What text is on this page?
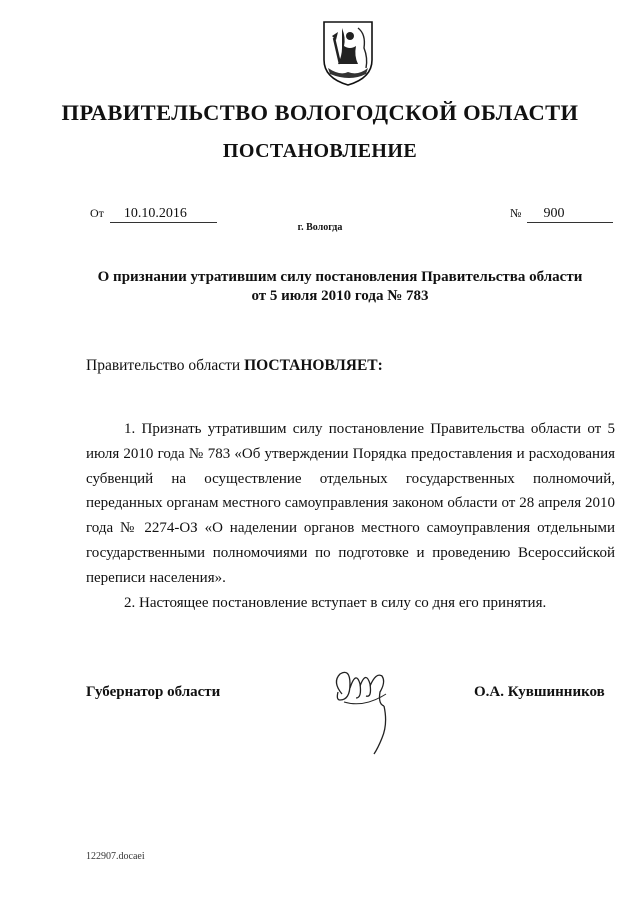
ПРАВИТЕЛЬСТВО ВОЛОГОДСКОЙ ОБЛАСТИ
ПОСТАНОВЛЕНИЕ
От 10.10.2016	№ 900
г. Вологда
О признании утратившим силу постановления Правительства области
от 5 июля 2010 года № 783
Правительство области ПОСТАНОВЛЯЕТ:

1. Признать утратившим силу постановление Правительства области от 5 июля 2010 года № 783 «Об утверждении Порядка предоставления и расходования субвенций на осуществление отдельных государственных полномочий, переданных органам местного самоуправления законом области от 28 апреля 2010 года № 2274-ОЗ «О наделении органов местного самоуправления отдельными государственными полномочиями по подготовке и проведению Всероссийской переписи населения».

2. Настоящее постановление вступает в силу со дня его принятия.

Губернатор области	О.А. Кувшинников
122907.docaei
